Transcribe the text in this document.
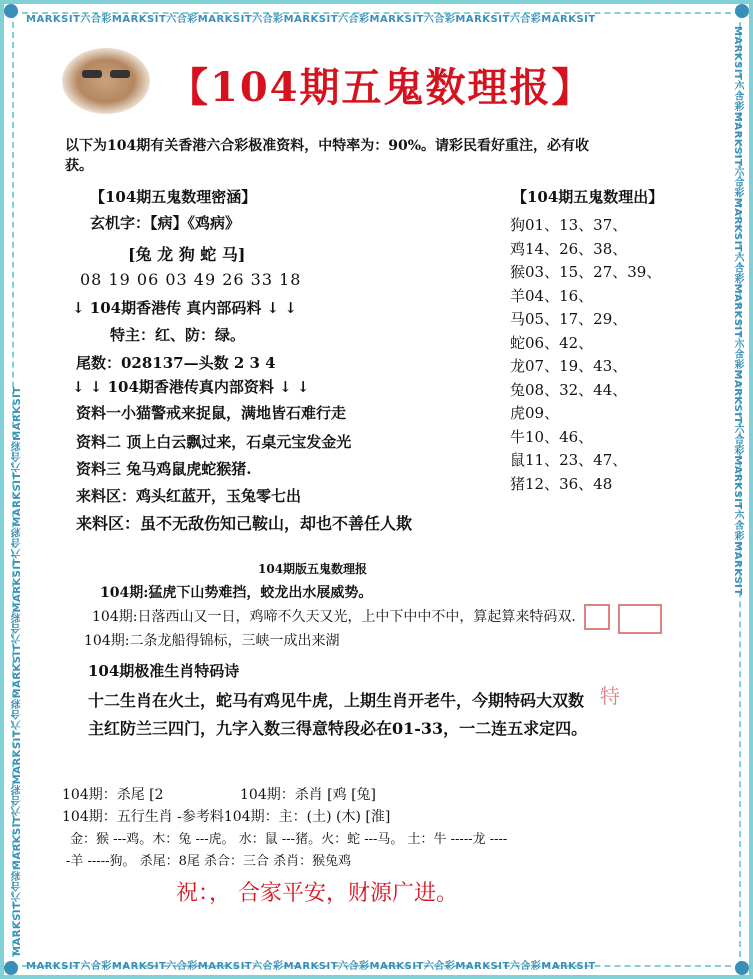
MARKSIT六合彩MARKSIT六合彩MARKSIT六合彩MARKSIT六合彩MARKSIT六合彩MARKSIT六合彩MARKSIT
MARKSIT六合彩MARKSIT六合彩MARKSIT六合彩MARKSIT六合彩MARKSIT六合彩MARKSIT六合彩MARKSIT
MARKSIT六合彩MARKSIT六合彩MARKSIT六合彩MARKSIT六合彩MARKSIT六合彩MARKSIT六合彩MARKSIT
MARKSIT六合彩MARKSIT六合彩MARKSIT六合彩MARKSIT六合彩MARKSIT六合彩MARKSIT六合彩MARKSIT
【104期五鬼数理报】
以下为104期有关香港六合彩极准资料，中特率为：90%。请彩民看好重注，必有收
获。
【104期五鬼数理密涵】
玄机字：【病】《鸡病》
[兔 龙 狗 蛇 马]
08 19 06 03 49 26 33 18
↓ 104期香港传 真内部码料 ↓ ↓
特主：红、防：绿。
尾数：028137—头数 2 3 4
↓ ↓ 104期香港传真内部资料 ↓ ↓
资料一小猫警戒来捉鼠，满地皆石难行走
资料二 顶上白云飘过来，石桌元宝发金光
资料三 兔马鸡鼠虎蛇猴猪.
来料区：鸡头红蓝开，玉兔零七出
来料区：虽不无敌伤知己鞍山，却也不善任人欺
【104期五鬼数理出】
狗01、13、37、
鸡14、26、38、
猴03、15、27、39、
羊04、16、
马05、17、29、
蛇06、42、
龙07、19、43、
兔08、32、44、
虎09、
牛10、46、
鼠11、23、47、
猪12、36、48
104期版五鬼数理报
104期:猛虎下山势难挡，蛟龙出水展威势。
104期:日落西山又一日，鸡啼不久天又光，上中下中中不中，算起算来特码双.
104期:二条龙船得锦标，三峡一成出来湖
104期极准生肖特码诗
十二生肖在火土，蛇马有鸡见牛虎，上期生肖开老牛，今期特码大双数
主红防兰三四门，九字入数三得意特段必在01-33，一二连五求定四。
特
104期：杀尾 [2	104期：杀肖 [鸡 [兔]
104期：五行生肖 -参考料104期：主：(土) (木) [淮]
金：猴 ---鸡。木：兔 ---虎。 水：鼠 ---猪。火：蛇 ---马。 土：牛 -----龙 ----
-羊 -----狗。 杀尾：8尾 杀合：三合 杀肖：猴兔鸡
祝：， 合家平安，财源广进。
